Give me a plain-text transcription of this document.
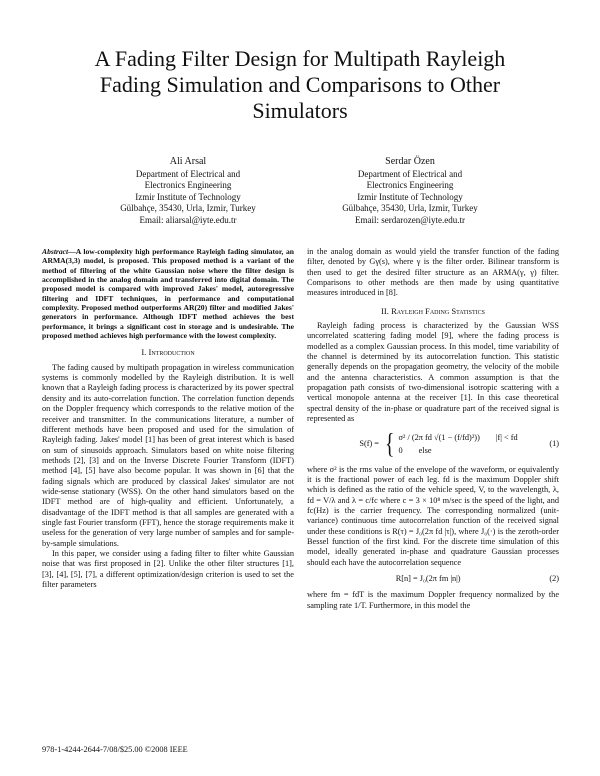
A Fading Filter Design for Multipath Rayleigh
Fading Simulation and Comparisons to Other
Simulators
Ali Arsal
Department of Electrical and
Electronics Engineering
Izmir Institute of Technology
Gülbahçe, 35430, Urla, Izmir, Turkey
Email: aliarsal@iyte.edu.tr
Serdar Özen
Department of Electrical and
Electronics Engineering
Izmir Institute of Technology
Gülbahçe, 35430, Urla, Izmir, Turkey
Email: serdarozen@iyte.edu.tr
Abstract—A low-complexity high performance Rayleigh fading simulator, an ARMA(3,3) model, is proposed. This proposed method is a variant of the method of filtering of the white Gaussian noise where the filter design is accomplished in the analog domain and transferred into digital domain. The proposed model is compared with improved Jakes' model, autoregressive filtering and IDFT techniques, in performance and computational complexity. Proposed method outperforms AR(20) filter and modified Jakes' generators in performance. Although IDFT method achieves the best performance, it brings a significant cost in storage and is undesirable. The proposed method achieves high performance with the lowest complexity.
I. Introduction

The fading caused by multipath propagation in wireless communication systems is commonly modelled by the Rayleigh distribution. It is well known that a Rayleigh fading process is characterized by its power spectral density and its auto-correlation function. The correlation function depends on the Doppler frequency which corresponds to the relative motion of the receiver and transmitter. In the communications literature, a number of different methods have been proposed and used for the simulation of Rayleigh fading. Jakes' model [1] has been of great interest which is based on sum of sinusoids approach. Simulators based on white noise filtering methods [2], [3] and on the Inverse Discrete Fourier Transform (IDFT) method [4], [5] have also become popular. It was shown in [6] that the fading signals which are produced by classical Jakes' simulator are not wide-sense stationary (WSS). On the other hand simulators based on the IDFT method are of high-quality and efficient. Unfortunately, a disadvantage of the IDFT method is that all samples are generated with a single fast Fourier transform (FFT), hence the storage requirements make it useless for the generation of very large number of samples and for sample-by-sample simulations.

In this paper, we consider using a fading filter to filter white Gaussian noise that was first proposed in [2]. Unlike the other filter structures [1], [3], [4], [5], [7], a different optimization/design criterion is used to set the filter parameters

in the analog domain as would yield the transfer function of the fading filter, denoted by Gγ(s), where γ is the filter order. Bilinear transform is then used to get the desired filter structure as an ARMA(γ, γ) filter. Comparisons to other methods are then made by using quantitative measures introduced in [8].

II. Rayleigh Fading Statistics

Rayleigh fading process is characterized by the Gaussian WSS uncorrelated scattering fading model [9], where the fading process is modelled as a complex Gaussian process. In this model, time variability of the channel is determined by its autocorrelation function. This statistic generally depends on the propagation geometry, the velocity of the mobile and the antenna characteristics. A common assumption is that the propagation path consists of two-dimensional isotropic scattering with a vertical monopole antenna at the receiver [1]. In this case theoretical spectral density of the in-phase or quadrature part of the received signal is represented as

S(f) = { σ² / (2π fd √(1 − (f/fd)²)) |f| < fd
0 else
(1)

where σ² is the rms value of the envelope of the waveform, or equivalently it is the fractional power of each leg. fd is the maximum Doppler shift which is defined as the ratio of the vehicle speed, V, to the wavelength, λ, fd = V/λ and λ = c/fc where c = 3 × 10⁸ m/sec is the speed of the light, and fc(Hz) is the carrier frequency. The corresponding normalized (unit-variance) continuous time autocorrelation function of the received signal under these conditions is R(τ) = J₀(2π fd |τ|), where J₀(·) is the zeroth-order Bessel function of the first kind. For the discrete time simulation of this model, ideally generated in-phase and quadrature Gaussian processes should each have the autocorrelation sequence

R[n] = J₀(2π fm |n|)	(2)

where fm = fdT is the maximum Doppler frequency normalized by the sampling rate 1/T. Furthermore, in this model the

978-1-4244-2644-7/08/$25.00 ©2008 IEEE
